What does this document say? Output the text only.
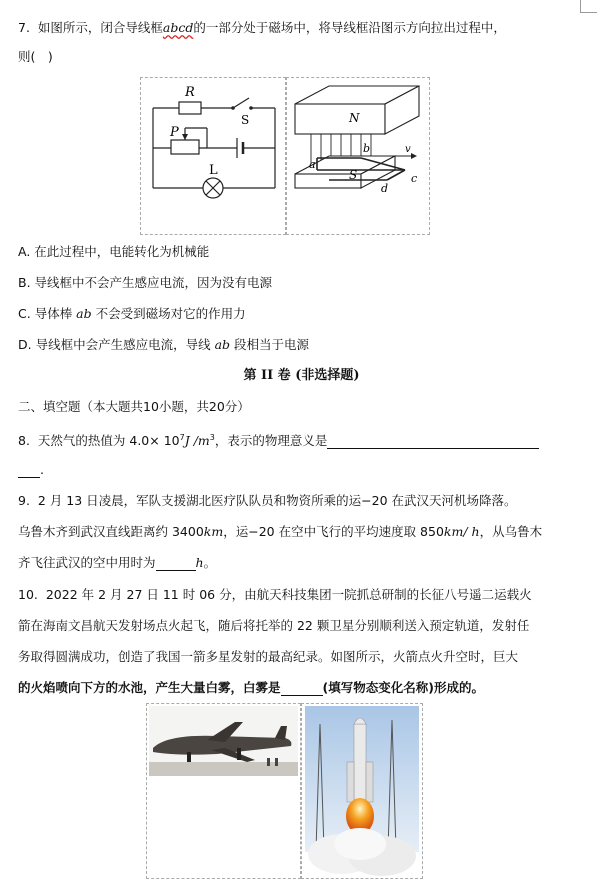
7. 如图所示，闭合导线框abcd的一部分处于磁场中，将导线框沿图示方向拉出过程中，
则(　)
R
S
P
L
N
S
a
b
c
d
v
A. 在此过程中，电能转化为机械能
B. 导线框中不会产生感应电流，因为没有电源
C. 导体棒 ab 不会受到磁场对它的作用力
D. 导线框中会产生感应电流，导线 ab 段相当于电源
第 II 卷 (非选择题)
二、填空题（本大题共10小题，共20分）
8. 天然气的热值为 $4.0\times 10^7J$ $/m^3$，表示的物理意义是
.
9. 2 月 13 日凌晨，军队支援湖北医疗队队员和物资所乘的运−20 在武汉天河机场降落。
乌鲁木齐到武汉直线距离约 3400km，运−20 在空中飞行的平均速度取 850km/ h，从乌鲁木
齐飞往武汉的空中用时为	h。
10. 2022 年 2 月 27 日 11 时 06 分，由航天科技集团一院抓总研制的长征八号遥二运载火
箭在海南文昌航天发射场点火起飞，随后将托举的 22 颗卫星分别顺利送入预定轨道，发射任
务取得圆满成功，创造了我国一箭多星发射的最高纪录。如图所示，火箭点火升空时，巨大
的火焰喷向下方的水池，产生大量白雾，白雾是	(填写物态变化名称)形成的。
